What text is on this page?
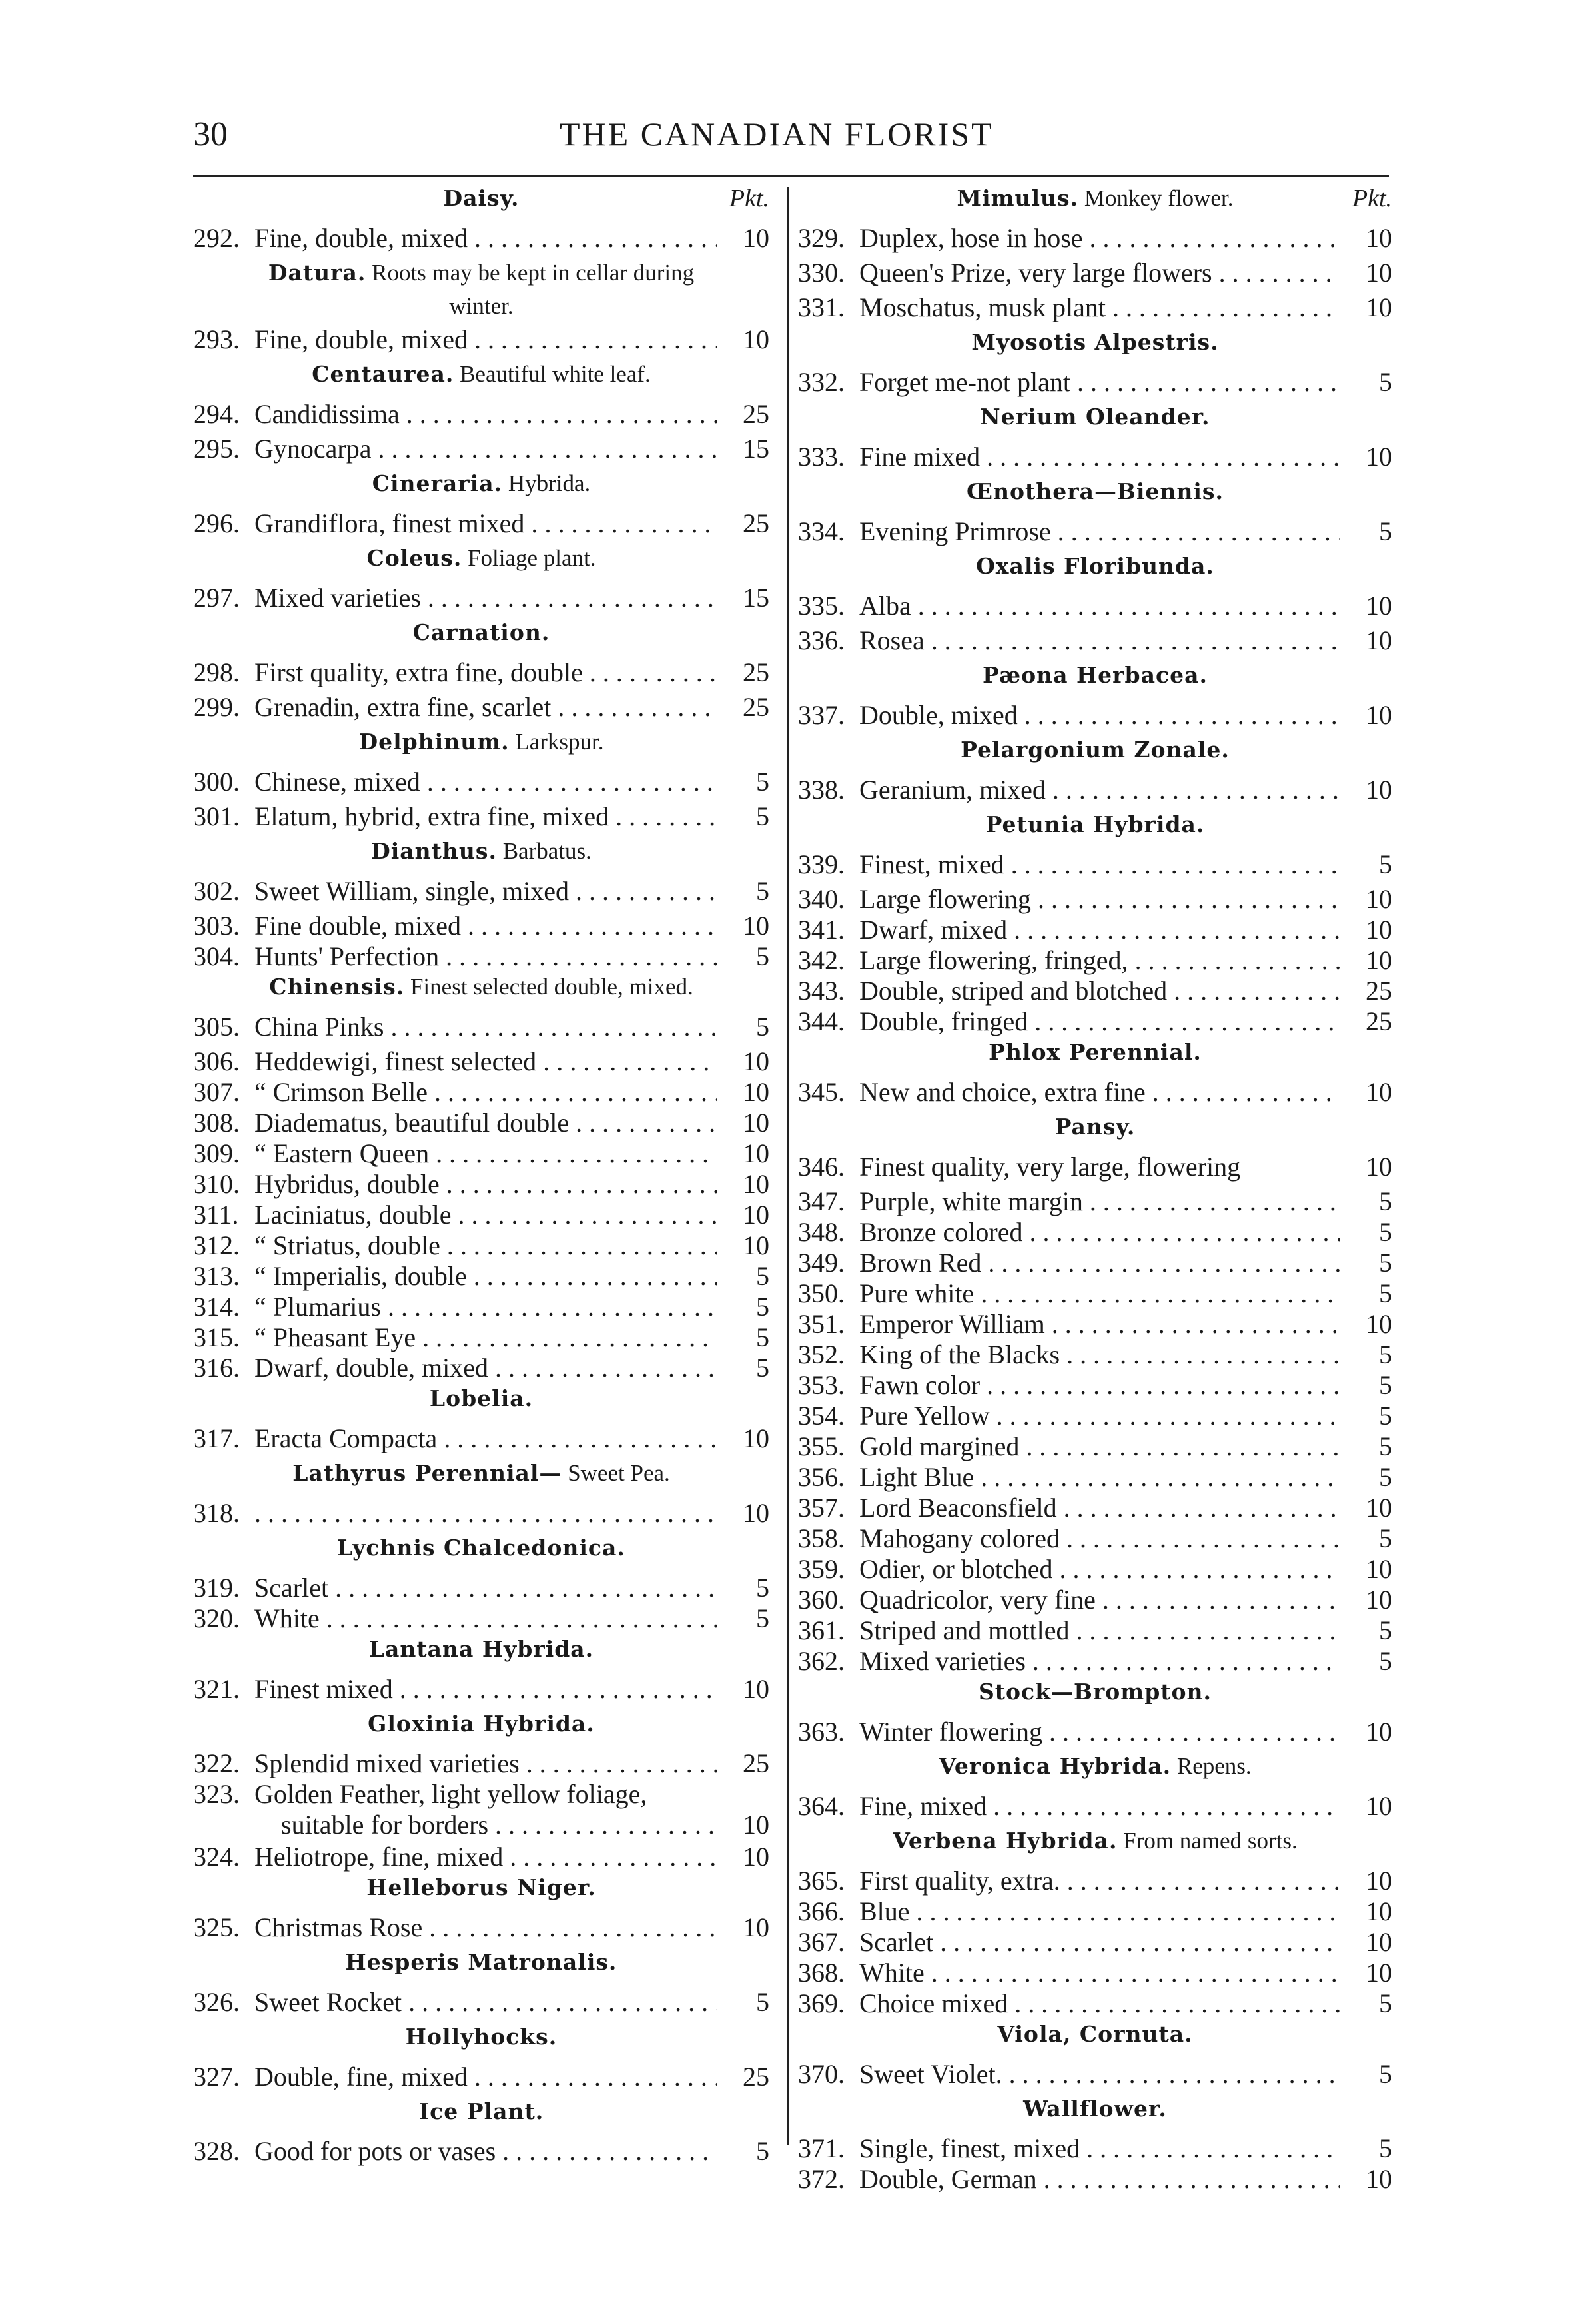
30	THE CANADIAN FLORIST
Daisy.	Pkt.
292. Fine, double, mixed . . .	10
Datura. Roots may be kept in cellar during
winter.
293. Fine, double, mixed . . .	10
Centaurea. Beautiful white leaf.
294. Candidissima . . .	25
295. Gynocarpa . . .	15
Cineraria. Hybrida.
296. Grandiflora, finest mixed . . .	25
Coleus. Foliage plant.
297. Mixed varieties . . .	15
Carnation.
298. First quality, extra fine, double . . .	25
299. Grenadin, extra fine, scarlet . . .	25
Delphinum. Larkspur.
300. Chinese, mixed . . .	5
301. Elatum, hybrid, extra fine, mixed . . .	5
Dianthus. Barbatus.
302. Sweet William, single, mixed . . .	5
303. Fine double, mixed . . .	10
304. Hunts' Perfection . . .	5
Chinensis. Finest selected double, mixed.
305. China Pinks . . .	5
306. Heddewigi, finest selected . . .	10
307. “ Crimson Belle . . .	10
308. Diadematus, beautiful double . . .	10
309. “ Eastern Queen . . .	10
310. Hybridus, double . . .	10
311. Laciniatus, double . . .	10
312. “ Striatus, double . . .	10
313. “ Imperialis, double . . .	5
314. “ Plumarius . . .	5
315. “ Pheasant Eye . . .	5
316. Dwarf, double, mixed . . .	5
Lobelia.
317. Eracta Compacta . . .	10
Lathyrus Perennial— Sweet Pea.
318. . . .	10
Lychnis Chalcedonica.
319. Scarlet . . .	5
320. White . . .	5
Lantana Hybrida.
321. Finest mixed . . .	10
Gloxinia Hybrida.
322. Splendid mixed varieties . . .	25
323. Golden Feather, light yellow foliage,
suitable for borders . . .	10
324. Heliotrope, fine, mixed . . .	10
Helleborus Niger.
325. Christmas Rose . . .	10
Hesperis Matronalis.
326. Sweet Rocket . . .	5
Hollyhocks.
327. Double, fine, mixed . . .	25
Ice Plant.
328. Good for pots or vases . . .	5
Mimulus. Monkey flower.	Pkt.
329. Duplex, hose in hose . . .	10
330. Queen's Prize, very large flowers . . .	10
331. Moschatus, musk plant . . .	10
Myosotis Alpestris.
332. Forget me-not plant . . .	5
Nerium Oleander.
333. Fine mixed . . .	10
Œnothera—Biennis.
334. Evening Primrose . . .	5
Oxalis Floribunda.
335. Alba . . .	10
336. Rosea . . .	10
Pæona Herbacea.
337. Double, mixed . . .	10
Pelargonium Zonale.
338. Geranium, mixed . . .	10
Petunia Hybrida.
339. Finest, mixed . . .	5
340. Large flowering . . .	10
341. Dwarf, mixed . . .	10
342. Large flowering, fringed, . . .	10
343. Double, striped and blotched . . .	25
344. Double, fringed . . .	25
Phlox Perennial.
345. New and choice, extra fine . . .	10
Pansy.
346. Finest quality, very large, flowering	10
347. Purple, white margin . . .	5
348. Bronze colored . . .	5
349. Brown Red . . .	5
350. Pure white . . .	5
351. Emperor William . . .	10
352. King of the Blacks . . .	5
353. Fawn color . . .	5
354. Pure Yellow . . .	5
355. Gold margined . . .	5
356. Light Blue . . .	5
357. Lord Beaconsfield . . .	10
358. Mahogany colored . . .	5
359. Odier, or blotched . . .	10
360. Quadricolor, very fine . . .	10
361. Striped and mottled . . .	5
362. Mixed varieties . . .	5
Stock—Brompton.
363. Winter flowering . . .	10
Veronica Hybrida. Repens.
364. Fine, mixed . . .	10
Verbena Hybrida. From named sorts.
365. First quality, extra. . . .	10
366. Blue . . .	10
367. Scarlet . . .	10
368. White . . .	10
369. Choice mixed . . .	5
Viola, Cornuta.
370. Sweet Violet. . . .	5
Wallflower.
371. Single, finest, mixed . . .	5
372. Double, German . . .	10
